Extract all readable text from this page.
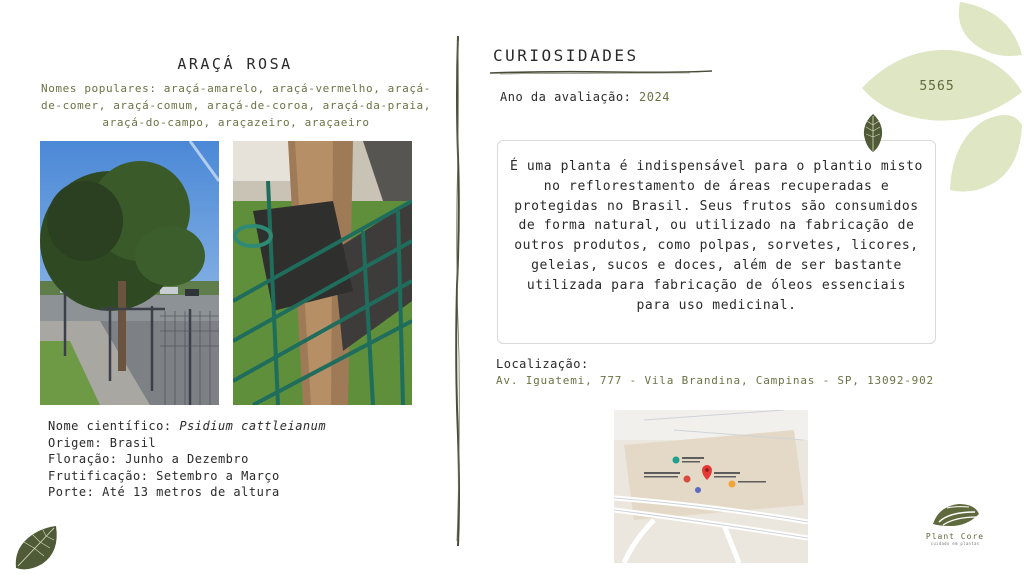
ARAÇÁ ROSA
Nomes populares: araçá-amarelo, araçá-vermelho, araçá-de-comer, araçá-comum, araçá-de-coroa, araçá-da-praia, araçá-do-campo, araçazeiro, araçaeiro
Nome científico: Psidium cattleianum
Origem: Brasil
Floração: Junho a Dezembro
Frutificação: Setembro a Março
Porte: Até 13 metros de altura
CURIOSIDADES
Ano da avaliação: 2024

É uma planta é indispensável para o plantio misto no reflorestamento de áreas recuperadas e protegidas no Brasil. Seus frutos são consumidos de forma natural, ou utilizado na fabricação de outros produtos, como polpas, sorvetes, licores, geleias, sucos e doces, além de ser bastante utilizada para fabricação de óleos essenciais para uso medicinal.

Localização:
Av. Iguatemi, 777 - Vila Brandina, Campinas - SP, 13092-902
5565
Plant Core
cuidado em plantas
